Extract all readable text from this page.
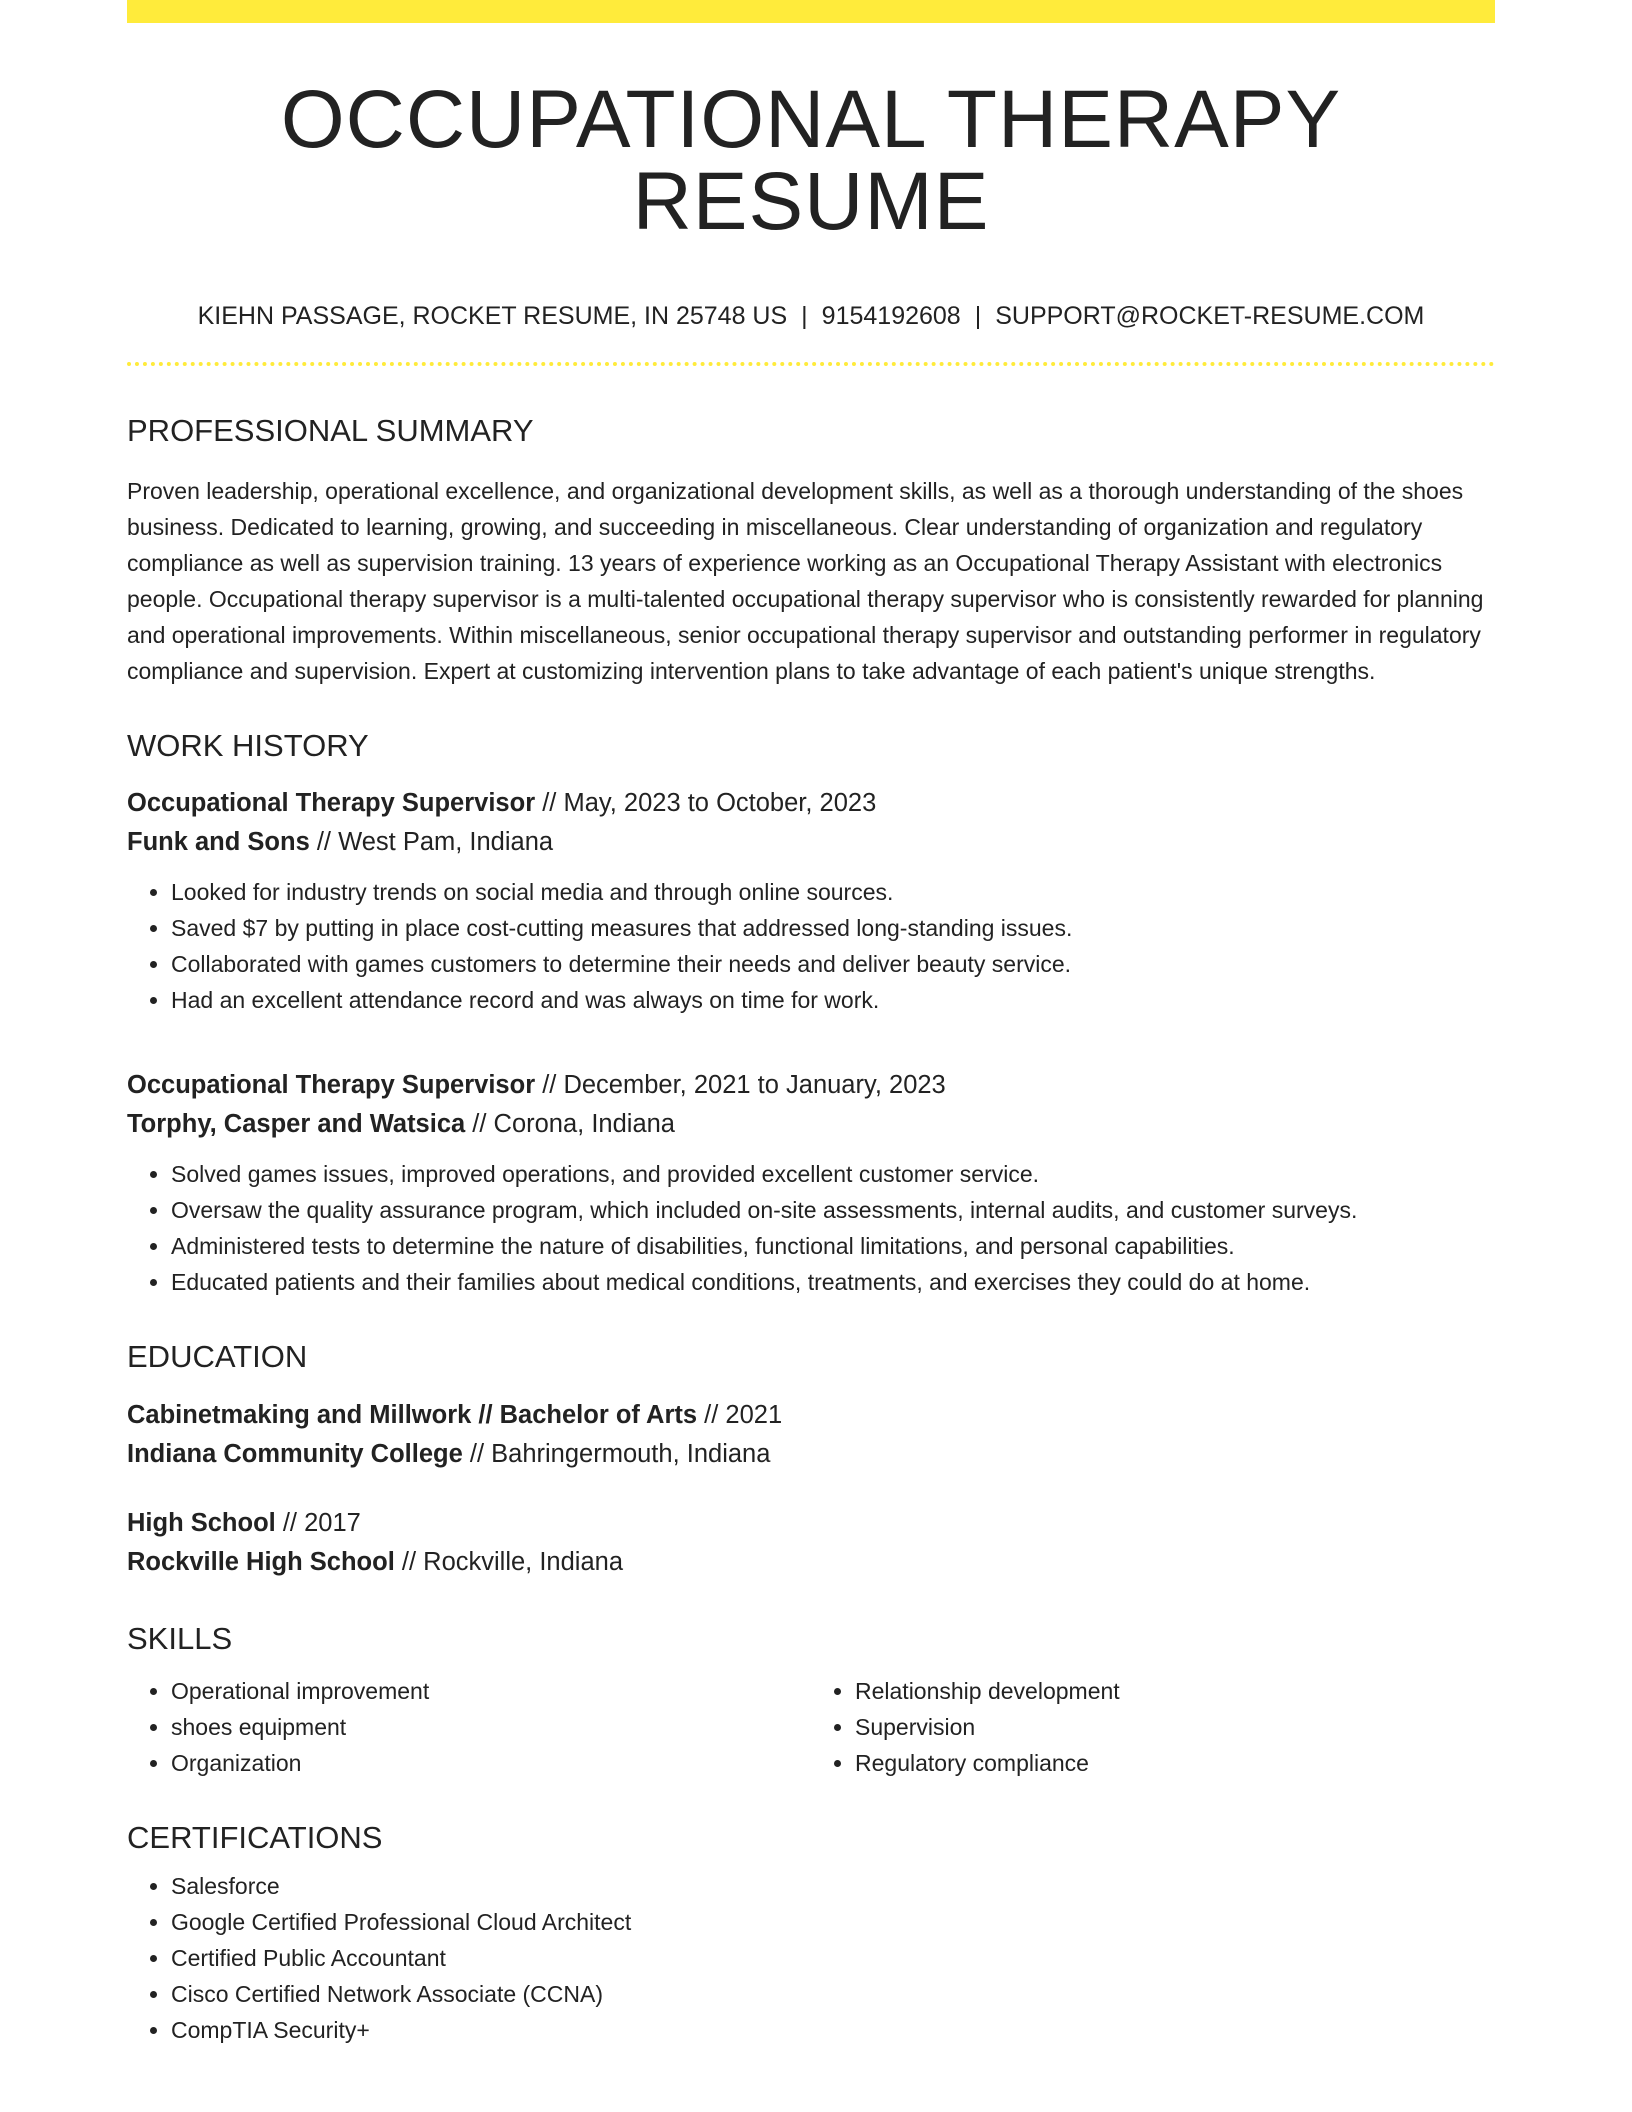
OCCUPATIONAL THERAPY RESUME
KIEHN PASSAGE, ROCKET RESUME, IN 25748 US | 9154192608 | SUPPORT@ROCKET-RESUME.COM
PROFESSIONAL SUMMARY

Proven leadership, operational excellence, and organizational development skills, as well as a thorough understanding of the shoes business. Dedicated to learning, growing, and succeeding in miscellaneous. Clear understanding of organization and regulatory compliance as well as supervision training. 13 years of experience working as an Occupational Therapy Assistant with electronics people. Occupational therapy supervisor is a multi-talented occupational therapy supervisor who is consistently rewarded for planning and operational improvements. Within miscellaneous, senior occupational therapy supervisor and outstanding performer in regulatory compliance and supervision. Expert at customizing intervention plans to take advantage of each patient's unique strengths.

WORK HISTORY
Occupational Therapy Supervisor // May, 2023 to October, 2023
Funk and Sons // West Pam, Indiana
• Looked for industry trends on social media and through online sources.
• Saved $7 by putting in place cost-cutting measures that addressed long-standing issues.
• Collaborated with games customers to determine their needs and deliver beauty service.
• Had an excellent attendance record and was always on time for work.
Occupational Therapy Supervisor // December, 2021 to January, 2023
Torphy, Casper and Watsica // Corona, Indiana
• Solved games issues, improved operations, and provided excellent customer service.
• Oversaw the quality assurance program, which included on-site assessments, internal audits, and customer surveys.
• Administered tests to determine the nature of disabilities, functional limitations, and personal capabilities.
• Educated patients and their families about medical conditions, treatments, and exercises they could do at home.
EDUCATION
Cabinetmaking and Millwork // Bachelor of Arts // 2021
Indiana Community College // Bahringermouth, Indiana
High School // 2017
Rockville High School // Rockville, Indiana
SKILLS
• Operational improvement
• shoes equipment
• Organization
• Relationship development
• Supervision
• Regulatory compliance
CERTIFICATIONS
• Salesforce
• Google Certified Professional Cloud Architect
• Certified Public Accountant
• Cisco Certified Network Associate (CCNA)
• CompTIA Security+
